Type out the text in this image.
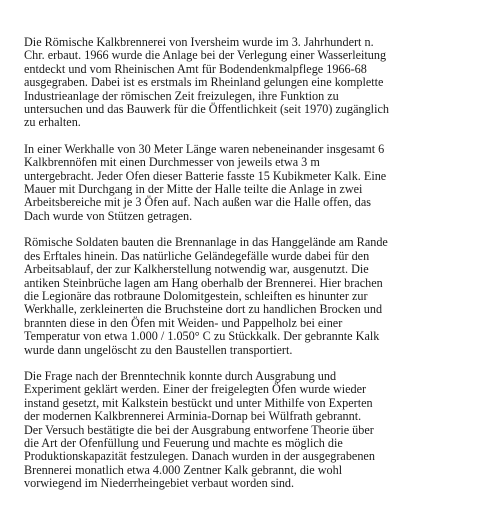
Die Römische Kalkbrennerei von Iversheim wurde im 3. Jahrhundert n.
Chr. erbaut. 1966 wurde die Anlage bei der Verlegung einer Wasserleitung
entdeckt und vom Rheinischen Amt für Bodendenkmalpflege 1966-68
ausgegraben. Dabei ist es erstmals im Rheinland gelungen eine komplette
Industrieanlage der römischen Zeit freizulegen, ihre Funktion zu
untersuchen und das Bauwerk für die Öffentlichkeit (seit 1970) zugänglich
zu erhalten.

In einer Werkhalle von 30 Meter Länge waren nebeneinander insgesamt 6
Kalkbrennöfen mit einen Durchmesser von jeweils etwa 3 m
untergebracht. Jeder Ofen dieser Batterie fasste 15 Kubikmeter Kalk. Eine
Mauer mit Durchgang in der Mitte der Halle teilte die Anlage in zwei
Arbeitsbereiche mit je 3 Öfen auf. Nach außen war die Halle offen, das
Dach wurde von Stützen getragen.

Römische Soldaten bauten die Brennanlage in das Hanggelände am Rande
des Erftales hinein. Das natürliche Geländegefälle wurde dabei für den
Arbeitsablauf, der zur Kalkherstellung notwendig war, ausgenutzt. Die
antiken Steinbrüche lagen am Hang oberhalb der Brennerei. Hier brachen
die Legionäre das rotbraune Dolomitgestein, schleiften es hinunter zur
Werkhalle, zerkleinerten die Bruchsteine dort zu handlichen Brocken und
brannten diese in den Öfen mit Weiden- und Pappelholz bei einer
Temperatur von etwa 1.000 / 1.050° C zu Stückkalk. Der gebrannte Kalk
wurde dann ungelöscht zu den Baustellen transportiert.

Die Frage nach der Brenntechnik konnte durch Ausgrabung und
Experiment geklärt werden. Einer der freigelegten Öfen wurde wieder
instand gesetzt, mit Kalkstein bestückt und unter Mithilfe von Experten
der modernen Kalkbrennerei Arminia-Dornap bei Wülfrath gebrannt.
Der Versuch bestätigte die bei der Ausgrabung entworfene Theorie über
die Art der Ofenfüllung und Feuerung und machte es möglich die
Produktionskapazität festzulegen. Danach wurden in der ausgegrabenen
Brennerei monatlich etwa 4.000 Zentner Kalk gebrannt, die wohl
vorwiegend im Niederrheingebiet verbaut worden sind.
